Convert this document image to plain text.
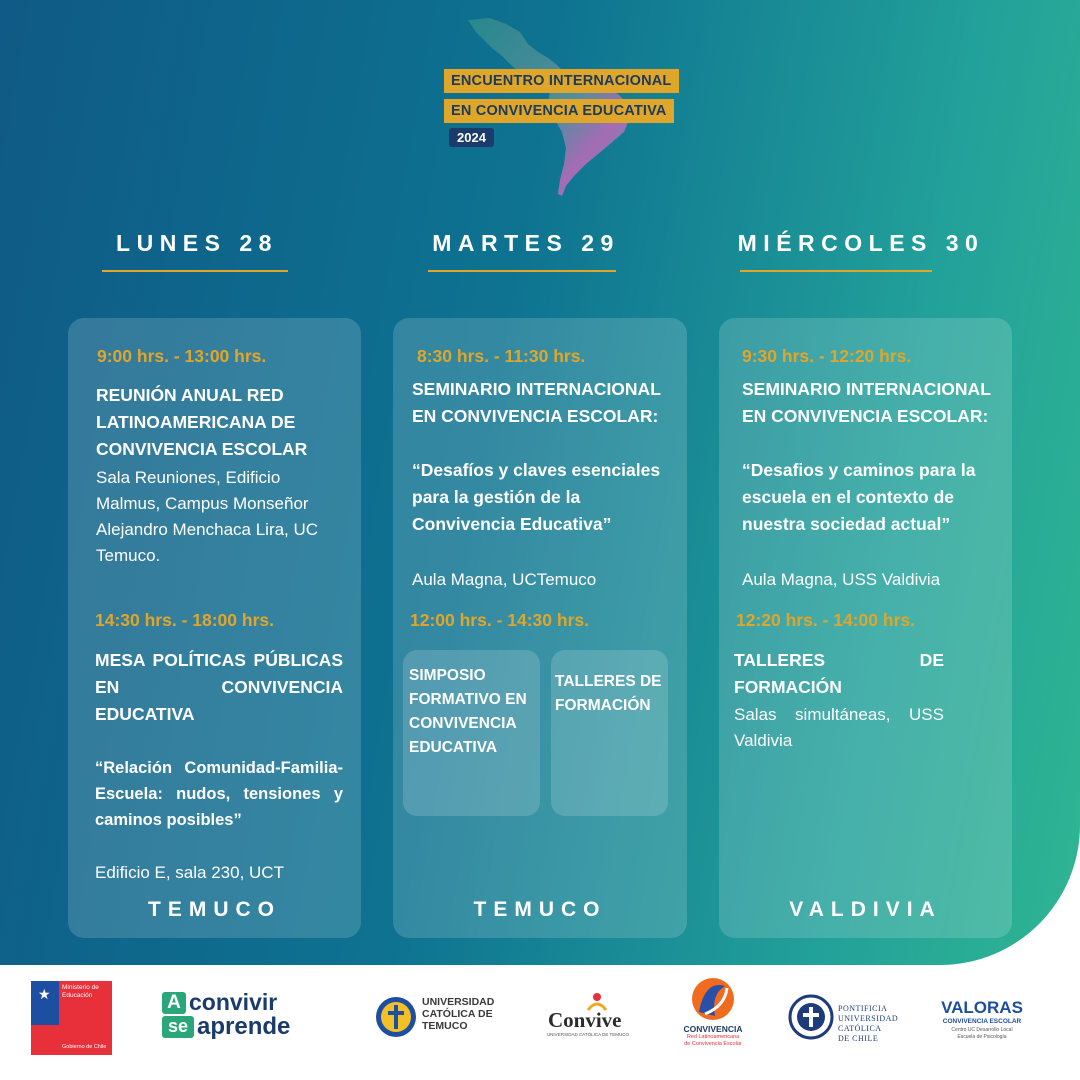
ENCUENTRO INTERNACIONAL
EN CONVIVENCIA EDUCATIVA
2024
LUNES 28	MARTES 29	MIÉRCOLES 30
9:00 hrs. - 13:00 hrs.
REUNIÓN ANUAL RED LATINOAMERICANA DE CONVIVENCIA ESCOLAR
Sala Reuniones, Edificio Malmus, Campus Monseñor Alejandro Menchaca Lira, UC Temuco.
14:30 hrs. - 18:00 hrs.
MESA POLÍTICAS PÚBLICAS EN CONVIVENCIA EDUCATIVA
“Relación Comunidad-Familia-Escuela: nudos, tensiones y caminos posibles”
Edificio E, sala 230, UCT
TEMUCO
8:30 hrs. - 11:30 hrs.
SEMINARIO INTERNACIONAL EN CONVIVENCIA ESCOLAR:
“Desafíos y claves esenciales para la gestión de la Convivencia Educativa”
Aula Magna, UCTemuco
12:00 hrs. - 14:30 hrs.
SIMPOSIO FORMATIVO EN CONVIVENCIA EDUCATIVA
TALLERES DE FORMACIÓN
TEMUCO
9:30 hrs. - 12:20 hrs.
SEMINARIO INTERNACIONAL EN CONVIVENCIA ESCOLAR:
“Desafios y caminos para la escuela en el contexto de nuestra sociedad actual”
Aula Magna, USS Valdivia
12:20 hrs. - 14:00 hrs.
TALLERES DE FORMACIÓN
Salas simultáneas, USS Valdivia
VALDIVIA
★ Ministerio de
Educación
Gobierno de Chile
A convivir
se aprende
UNIVERSIDAD
CATÓLICA DE
TEMUCO	Convive
UNIVERSIDAD CATÓLICA DE TEMUCO
CONVIVENCIA
Red Latinoamericana
de Convivencia Escolar
PONTIFICIA
UNIVERSIDAD
CATÓLICA
DE CHILE
VALORAS
CONVIVENCIA ESCOLAR
Centro UC Desarrollo Local
Escuela de Psicología
